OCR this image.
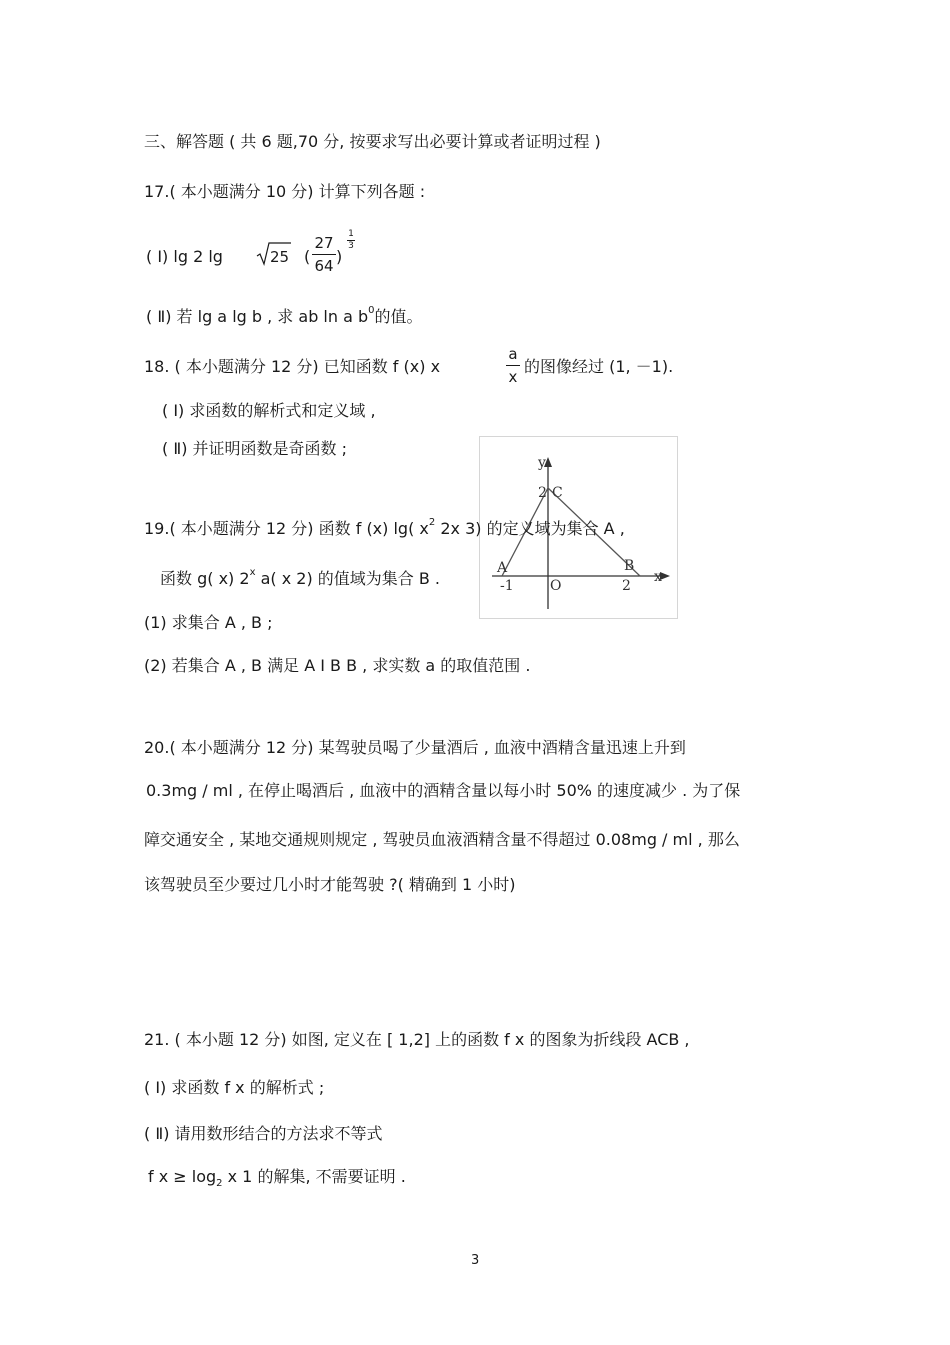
三、解答题 ( 共 6 题,70 分, 按要求写出必要计算或者证明过程 )
17.( 本小题满分 10 分) 计算下列各题 :
( Ⅰ) lg 2 lg	25 (
27
64 )
1
3
( Ⅱ) 若 lg a lg b , 求 ab ln a $b^0$的值。
18. ( 本小题满分 12 分) 已知函数 f (x) x
a
x
的图像经过 (1, －1).
( Ⅰ) 求函数的解析式和定义域 ,
( Ⅱ) 并证明函数是奇函数 ;
y
x
2 C
A
-1	O
B
2
19.( 本小题满分 12 分) 函数 f (x) lg( $x^2$ 2x 3) 的定义域为集合 A ,
函数 g( x) 2$^x$ a( x 2) 的值域为集合 B .
(1) 求集合 A , B ;
(2) 若集合 A , B 满足 A I B B , 求实数 a 的取值范围 .
20.( 本小题满分 12 分) 某驾驶员喝了少量酒后 , 血液中酒精含量迅速上升到
0.3mg / ml , 在停止喝酒后 , 血液中的酒精含量以每小时 50% 的速度减少 . 为了保
障交通安全 , 某地交通规则规定 , 驾驶员血液酒精含量不得超过 0.08mg / ml , 那么
该驾驶员至少要过几小时才能驾驶 ?( 精确到 1 小时)
21. ( 本小题 12 分) 如图, 定义在 [ 1,2] 上的函数 f x 的图象为折线段 ACB ,
( Ⅰ) 求函数 f x 的解析式 ;
( Ⅱ) 请用数形结合的方法求不等式
f $x \ge \log_2 x$ 1 的解集, 不需要证明 .
3
